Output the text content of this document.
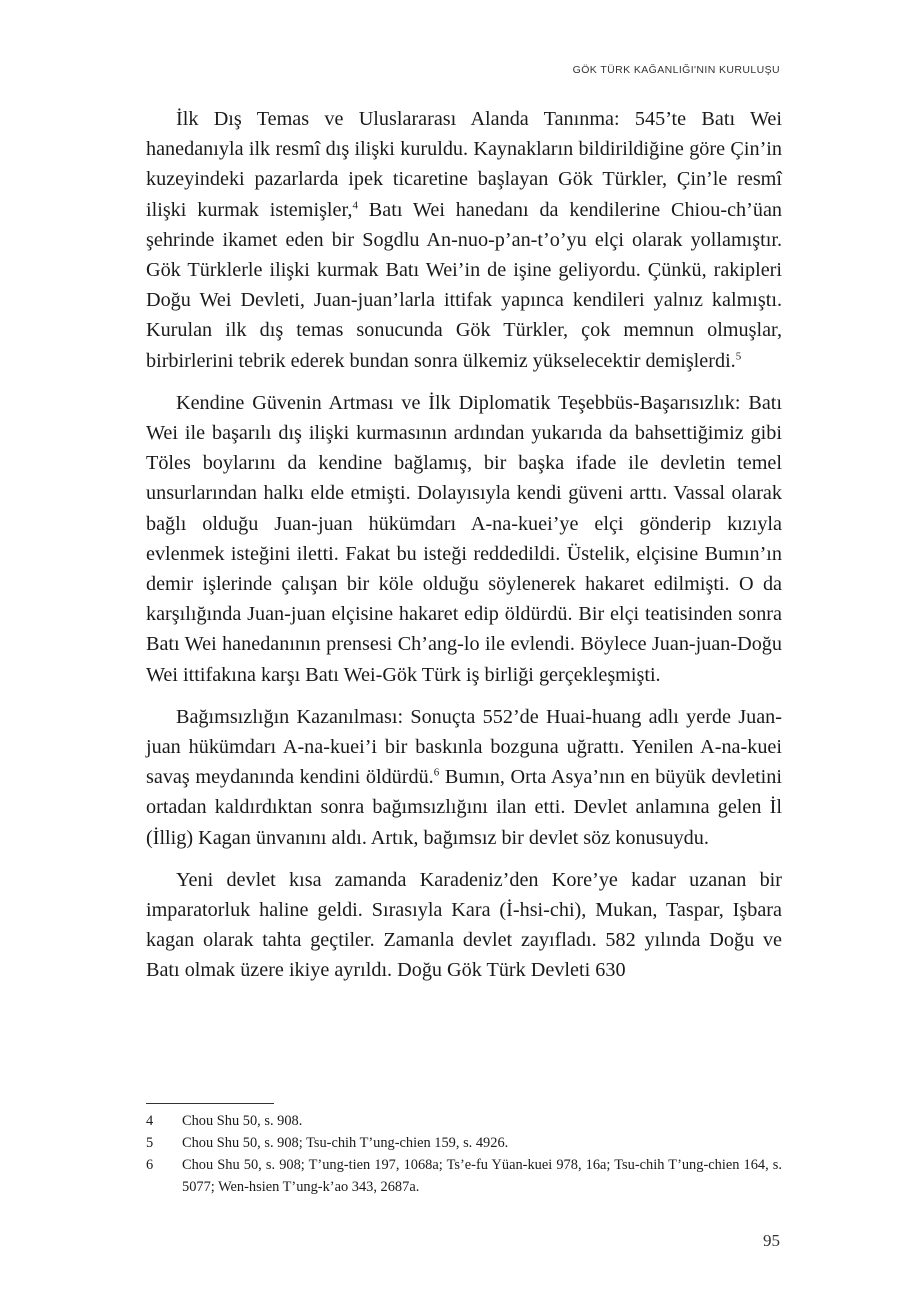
GÖK TÜRK KAĞANLIĞI'NIN KURULUŞU

İlk Dış Temas ve Uluslararası Alanda Tanınma: 545’te Batı Wei hanedanıyla ilk resmî dış ilişki kuruldu. Kaynakların bildirildiğine göre Çin’in kuzeyindeki pazarlarda ipek ticaretine başlayan Gök Türkler, Çin’le resmî ilişki kurmak istemişler,$^4$ Batı Wei hanedanı da kendilerine Chiou-ch’üan şehrinde ikamet eden bir Sogdlu An-nuo-p’an-t’o’yu elçi olarak yollamıştır. Gök Türklerle ilişki kurmak Batı Wei’in de işine geliyordu. Çünkü, rakipleri Doğu Wei Devleti, Juan-juan’larla ittifak yapınca kendileri yalnız kalmıştı. Kurulan ilk dış temas sonucunda Gök Türkler, çok memnun olmuşlar, birbirlerini tebrik ederek bundan sonra ülkemiz yükselecektir demişlerdi.$^5$

Kendine Güvenin Artması ve İlk Diplomatik Teşebbüs-Başarısızlık: Batı Wei ile başarılı dış ilişki kurmasının ardından yukarıda da bahsettiğimiz gibi Töles boylarını da kendine bağlamış, bir başka ifade ile devletin temel unsurlarından halkı elde etmişti. Dolayısıyla kendi güveni arttı. Vassal olarak bağlı olduğu Juan-juan hükümdarı A-na-kuei’ye elçi gönderip kızıyla evlenmek isteğini iletti. Fakat bu isteği reddedildi. Üstelik, elçisine Bumın’ın demir işlerinde çalışan bir köle olduğu söylenerek hakaret edilmişti. O da karşılığında Juan-juan elçisine hakaret edip öldürdü. Bir elçi teatisinden sonra Batı Wei hanedanının prensesi Ch’ang-lo ile evlendi. Böylece Juan-juan-Doğu Wei ittifakına karşı Batı Wei-Gök Türk iş birliği gerçekleşmişti.

Bağımsızlığın Kazanılması: Sonuçta 552’de Huai-huang adlı yerde Juan-juan hükümdarı A-na-kuei’i bir baskınla bozguna uğrattı. Yenilen A-na-kuei savaş meydanında kendini öldürdü.$^6$ Bumın, Orta Asya’nın en büyük devletini ortadan kaldırdıktan sonra bağımsızlığını ilan etti. Devlet anlamına gelen İl (İllig) Kagan ünvanını aldı. Artık, bağımsız bir devlet söz konusuydu.

Yeni devlet kısa zamanda Karadeniz’den Kore’ye kadar uzanan bir imparatorluk haline geldi. Sırasıyla Kara (İ-hsi-chi), Mukan, Taspar, Işbara kagan olarak tahta geçtiler. Zamanla devlet zayıfladı. 582 yılında Doğu ve Batı olmak üzere ikiye ayrıldı. Doğu Gök Türk Devleti 630

4	Chou Shu 50, s. 908.
5	Chou Shu 50, s. 908; Tsu-chih T’ung-chien 159, s. 4926.
6	Chou Shu 50, s. 908; T’ung-tien 197, 1068a; Ts’e-fu Yüan-kuei 978, 16a; Tsu-chih T’ung-chien 164, s. 5077; Wen-hsien T’ung-k’ao 343, 2687a.
95
